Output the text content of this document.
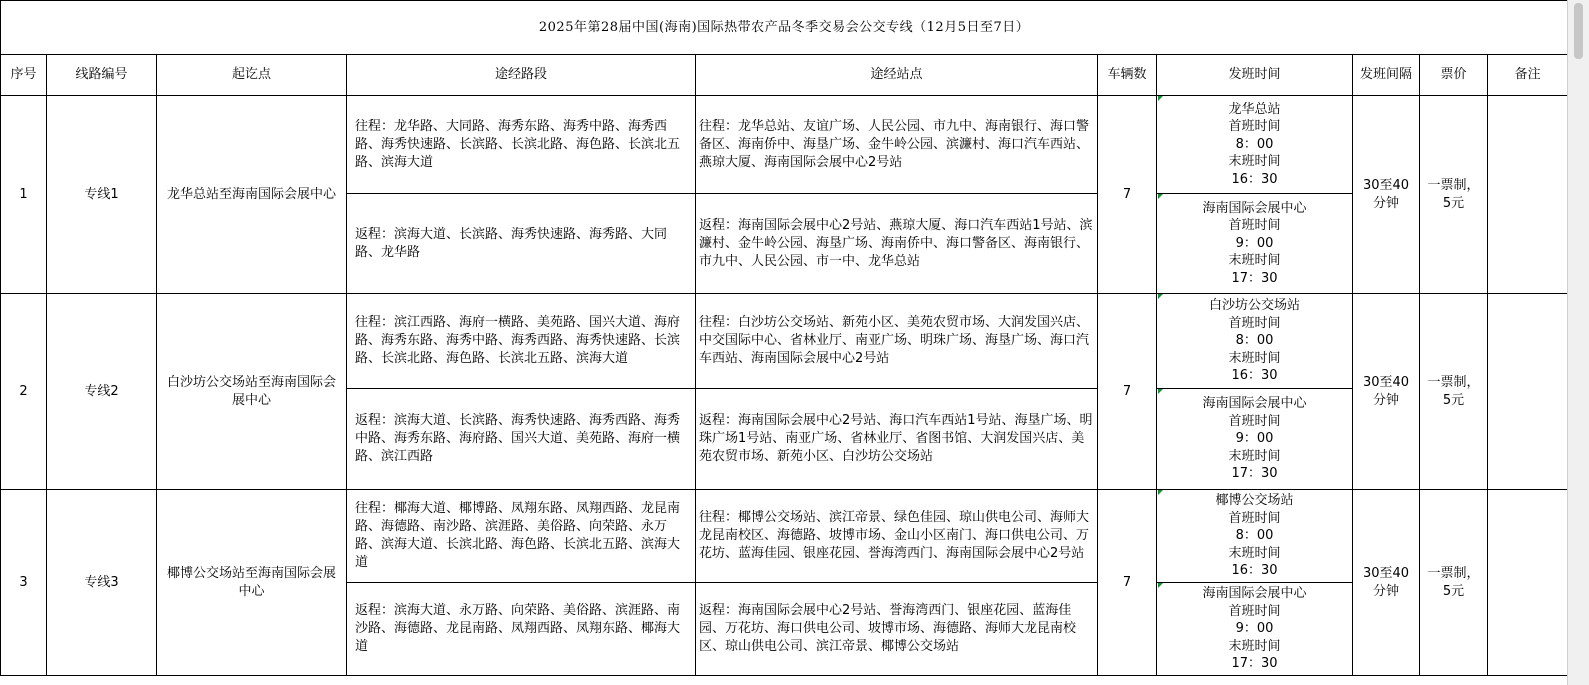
2025年第28届中国(海南)国际热带农产品冬季交易会公交专线（12月5日至7日）									
序号	线路编号	起讫点	途经路段	途经站点	车辆数	发班时间	发班间隔	票价	备注
1	专线1	龙华总站至海南国际会展中心	往程：龙华路、大同路、海秀东路、海秀中路、海秀西路、海秀快速路、长滨路、长滨北路、海色路、长滨北五路、滨海大道	往程：龙华总站、友谊广场、人民公园、市九中、海南银行、海口警备区、海南侨中、海垦广场、金牛岭公园、滨濂村、海口汽车西站、燕琼大厦、海南国际会展中心2号站	7	龙华总站
首班时间
8：00
末班时间
16：30	30至40分钟	一票制，5元	
			返程：滨海大道、长滨路、海秀快速路、海秀路、大同路、龙华路	返程：海南国际会展中心2号站、燕琼大厦、海口汽车西站1号站、滨濂村、金牛岭公园、海垦广场、海南侨中、海口警备区、海南银行、市九中、人民公园、市一中、龙华总站		海南国际会展中心
首班时间
9：00
末班时间
17：30			

2	专线2	白沙坊公交场站至海南国际会展中心	往程：滨江西路、海府一横路、美苑路、国兴大道、海府路、海秀东路、海秀中路、海秀西路、海秀快速路、长滨路、长滨北路、海色路、长滨北五路、滨海大道	往程：白沙坊公交场站、新苑小区、美苑农贸市场、大润发国兴店、中交国际中心、省林业厅、南亚广场、明珠广场、海垦广场、海口汽车西站、海南国际会展中心2号站	7	白沙坊公交场站
首班时间
8：00
末班时间
16：30	30至40分钟	一票制，5元	
			返程：滨海大道、长滨路、海秀快速路、海秀西路、海秀中路、海秀东路、海府路、国兴大道、美苑路、海府一横路、滨江西路	返程：海南国际会展中心2号站、海口汽车西站1号站、海垦广场、明珠广场1号站、南亚广场、省林业厅、省图书馆、大润发国兴店、美苑农贸市场、新苑小区、白沙坊公交场站		海南国际会展中心
首班时间
9：00
末班时间
17：30			

3	专线3	椰博公交场站至海南国际会展中心	往程：椰海大道、椰博路、凤翔东路、凤翔西路、龙昆南路、海德路、南沙路、滨涯路、美俗路、向荣路、永万路、滨海大道、长滨北路、海色路、长滨北五路、滨海大道	往程：椰博公交场站、滨江帝景、绿色佳园、琼山供电公司、海师大龙昆南校区、海德路、坡博市场、金山小区南门、海口供电公司、万花坊、蓝海佳园、银座花园、誉海湾西门、海南国际会展中心2号站	7	椰博公交场站
首班时间
8：00
末班时间
16：30	30至40分钟	一票制，5元	
			返程：滨海大道、永万路、向荣路、美俗路、滨涯路、南沙路、海德路、龙昆南路、凤翔西路、凤翔东路、椰海大道	返程：海南国际会展中心2号站、誉海湾西门、银座花园、蓝海佳园、万花坊、海口供电公司、坡博市场、海德路、海师大龙昆南校区、琼山供电公司、滨江帝景、椰博公交场站		海南国际会展中心
首班时间
9：00
末班时间
17：30			
